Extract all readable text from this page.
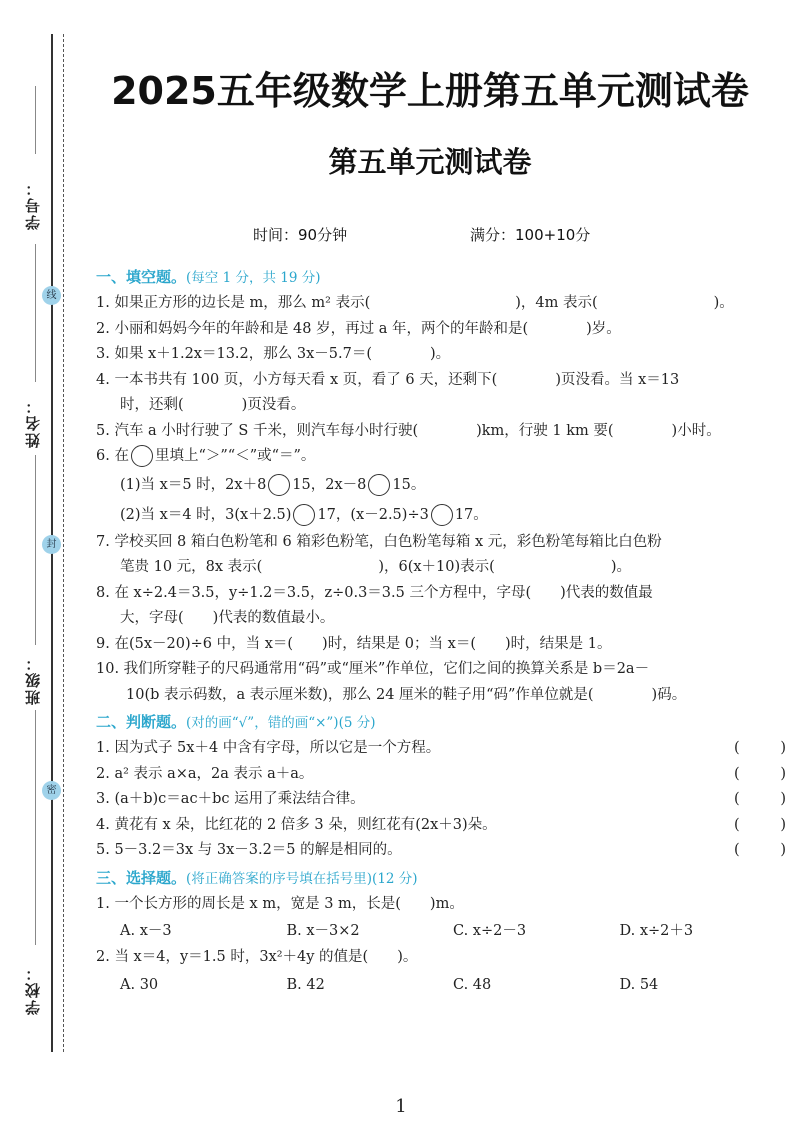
学号：
姓名：
班级：
学校：
线
封
密
2025五年级数学上册第五单元测试卷
第五单元测试卷
时间：90分钟	满分：100+10分
一、填空题。(每空 1 分，共 19 分)
1. 如果正方形的边长是 m，那么 m² 表示(　　　　　　　　　　)，4m 表示(　　　　　　　　)。
2. 小丽和妈妈今年的年龄和是 48 岁，再过 a 年，两个的年龄和是(　　　　)岁。
3. 如果 x＋1.2x＝13.2，那么 3x－5.7＝(　　　　)。
4. 一本书共有 100 页，小方每天看 x 页，看了 6 天，还剩下(　　　　)页没看。当 x＝13
时，还剩(　　　　)页没看。
5. 汽车 a 小时行驶了 S 千米，则汽车每小时行驶(　　　　)km，行驶 1 km 要(　　　　)小时。
6. 在 里填上“＞”“＜”或“＝”。
(1)当 x＝5 时，2x＋8 15，2x－8 15。
(2)当 x＝4 时，3(x＋2.5) 17，(x－2.5)÷3 17。
7. 学校买回 8 箱白色粉笔和 6 箱彩色粉笔，白色粉笔每箱 x 元，彩色粉笔每箱比白色粉
笔贵 10 元，8x 表示(　　　　　　　　)，6(x＋10)表示(　　　　　　　　)。
8. 在 x÷2.4＝3.5，y÷1.2＝3.5，z÷0.3＝3.5 三个方程中，字母(　　)代表的数值最
大，字母(　　)代表的数值最小。
9. 在(5x－20)÷6 中，当 x＝(　　)时，结果是 0；当 x＝(　　)时，结果是 1。
10. 我们所穿鞋子的尺码通常用“码”或“厘米”作单位，它们之间的换算关系是 b＝2a－
10(b 表示码数，a 表示厘米数)，那么 24 厘米的鞋子用“码”作单位就是(　　　　)码。
二、判断题。(对的画“√”，错的画“×”)(5 分)
1. 因为式子 5x＋4 中含有字母，所以它是一个方程。	(	)
2. a² 表示 a×a，2a 表示 a＋a。	(	)
3. (a＋b)c＝ac＋bc 运用了乘法结合律。	(	)
4. 黄花有 x 朵，比红花的 2 倍多 3 朵，则红花有(2x＋3)朵。	(	)
5. 5－3.2＝3x 与 3x－3.2＝5 的解是相同的。	(	)
三、选择题。(将正确答案的序号填在括号里)(12 分)
1. 一个长方形的周长是 x m，宽是 3 m，长是(　　)m。
A. x－3	B. x－3×2	C. x÷2－3	D. x÷2＋3
2. 当 x＝4，y＝1.5 时，3x²＋4y 的值是(　　)。
A. 30	B. 42	C. 48	D. 54
1
